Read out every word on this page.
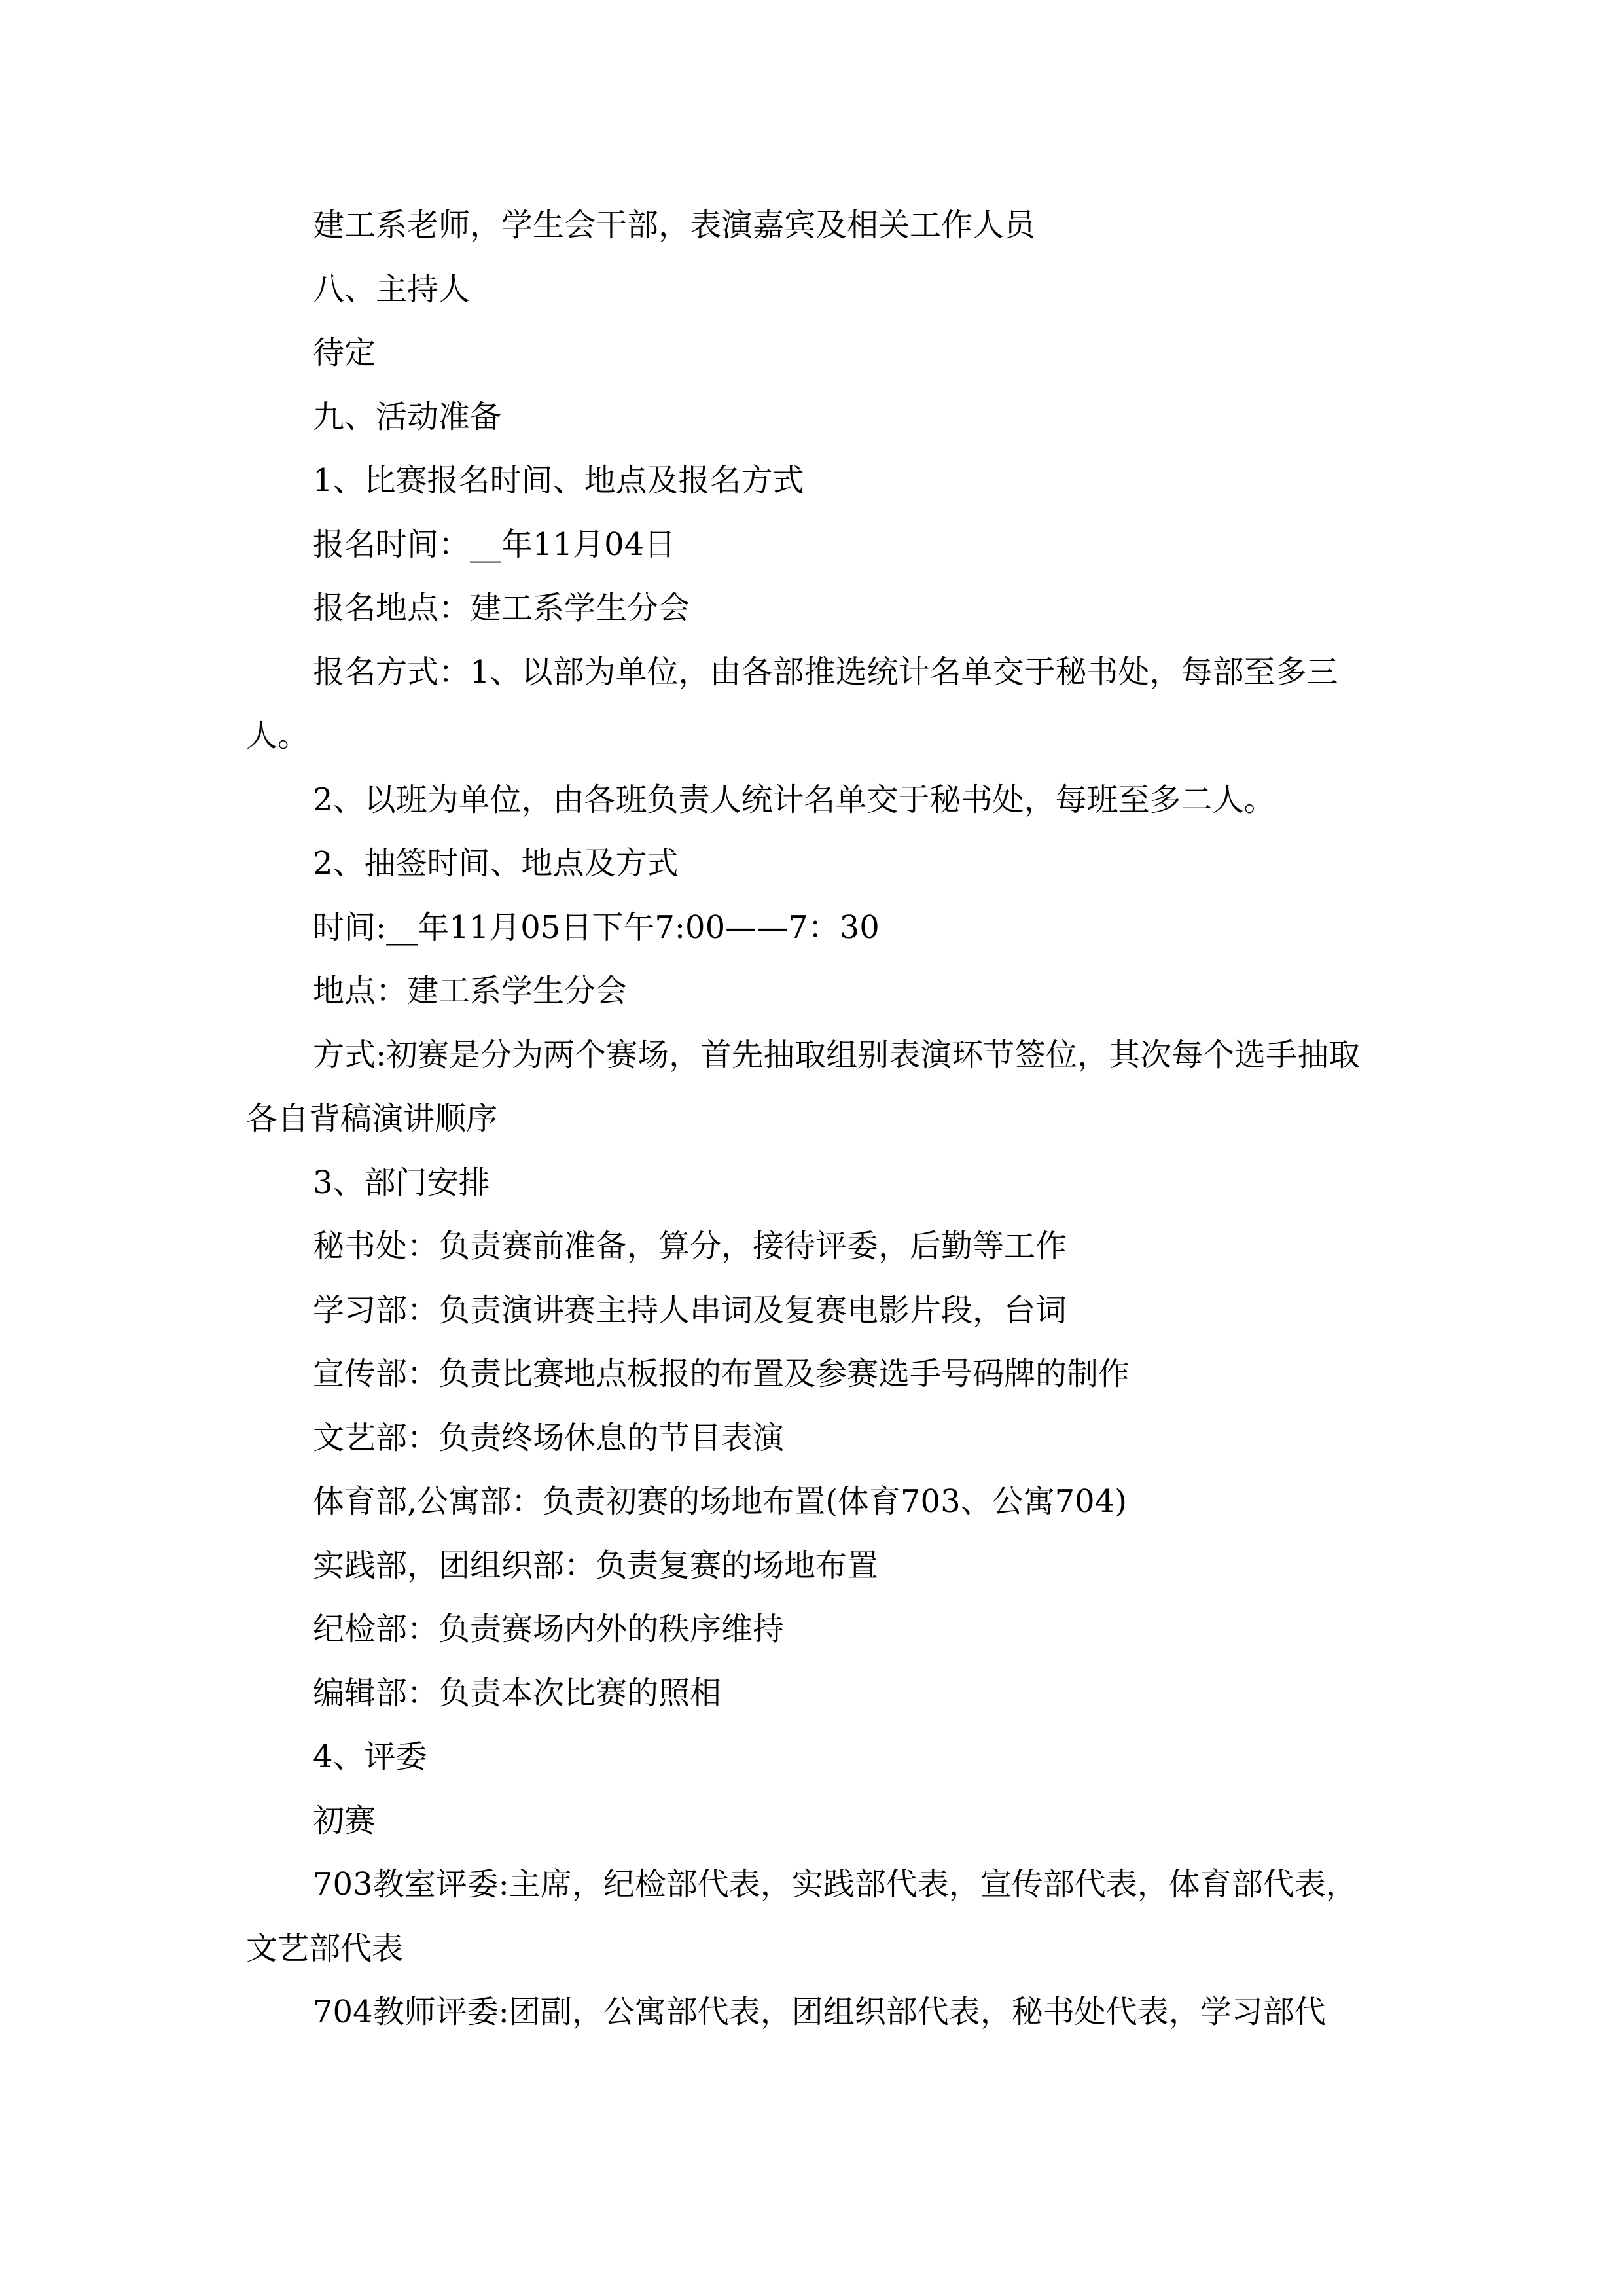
建工系老师，学生会干部，表演嘉宾及相关工作人员

八、主持人

待定

九、活动准备

1、比赛报名时间、地点及报名方式

报名时间：__年11月04日

报名地点：建工系学生分会

报名方式：1、以部为单位，由各部推选统计名单交于秘书处，每部至多三人。

2、以班为单位，由各班负责人统计名单交于秘书处，每班至多二人。

2、抽签时间、地点及方式

时间:__年11月05日下午7:00——7：30

地点：建工系学生分会

方式:初赛是分为两个赛场，首先抽取组别表演环节签位，其次每个选手抽取各自背稿演讲顺序

3、部门安排

秘书处：负责赛前准备，算分，接待评委，后勤等工作

学习部：负责演讲赛主持人串词及复赛电影片段，台词

宣传部：负责比赛地点板报的布置及参赛选手号码牌的制作

文艺部：负责终场休息的节目表演

体育部,公寓部：负责初赛的场地布置(体育703、公寓704)

实践部，团组织部：负责复赛的场地布置

纪检部：负责赛场内外的秩序维持

编辑部：负责本次比赛的照相

4、评委

初赛

703教室评委:主席，纪检部代表，实践部代表，宣传部代表，体育部代表，文艺部代表

704教师评委:团副，公寓部代表，团组织部代表，秘书处代表，学习部代
